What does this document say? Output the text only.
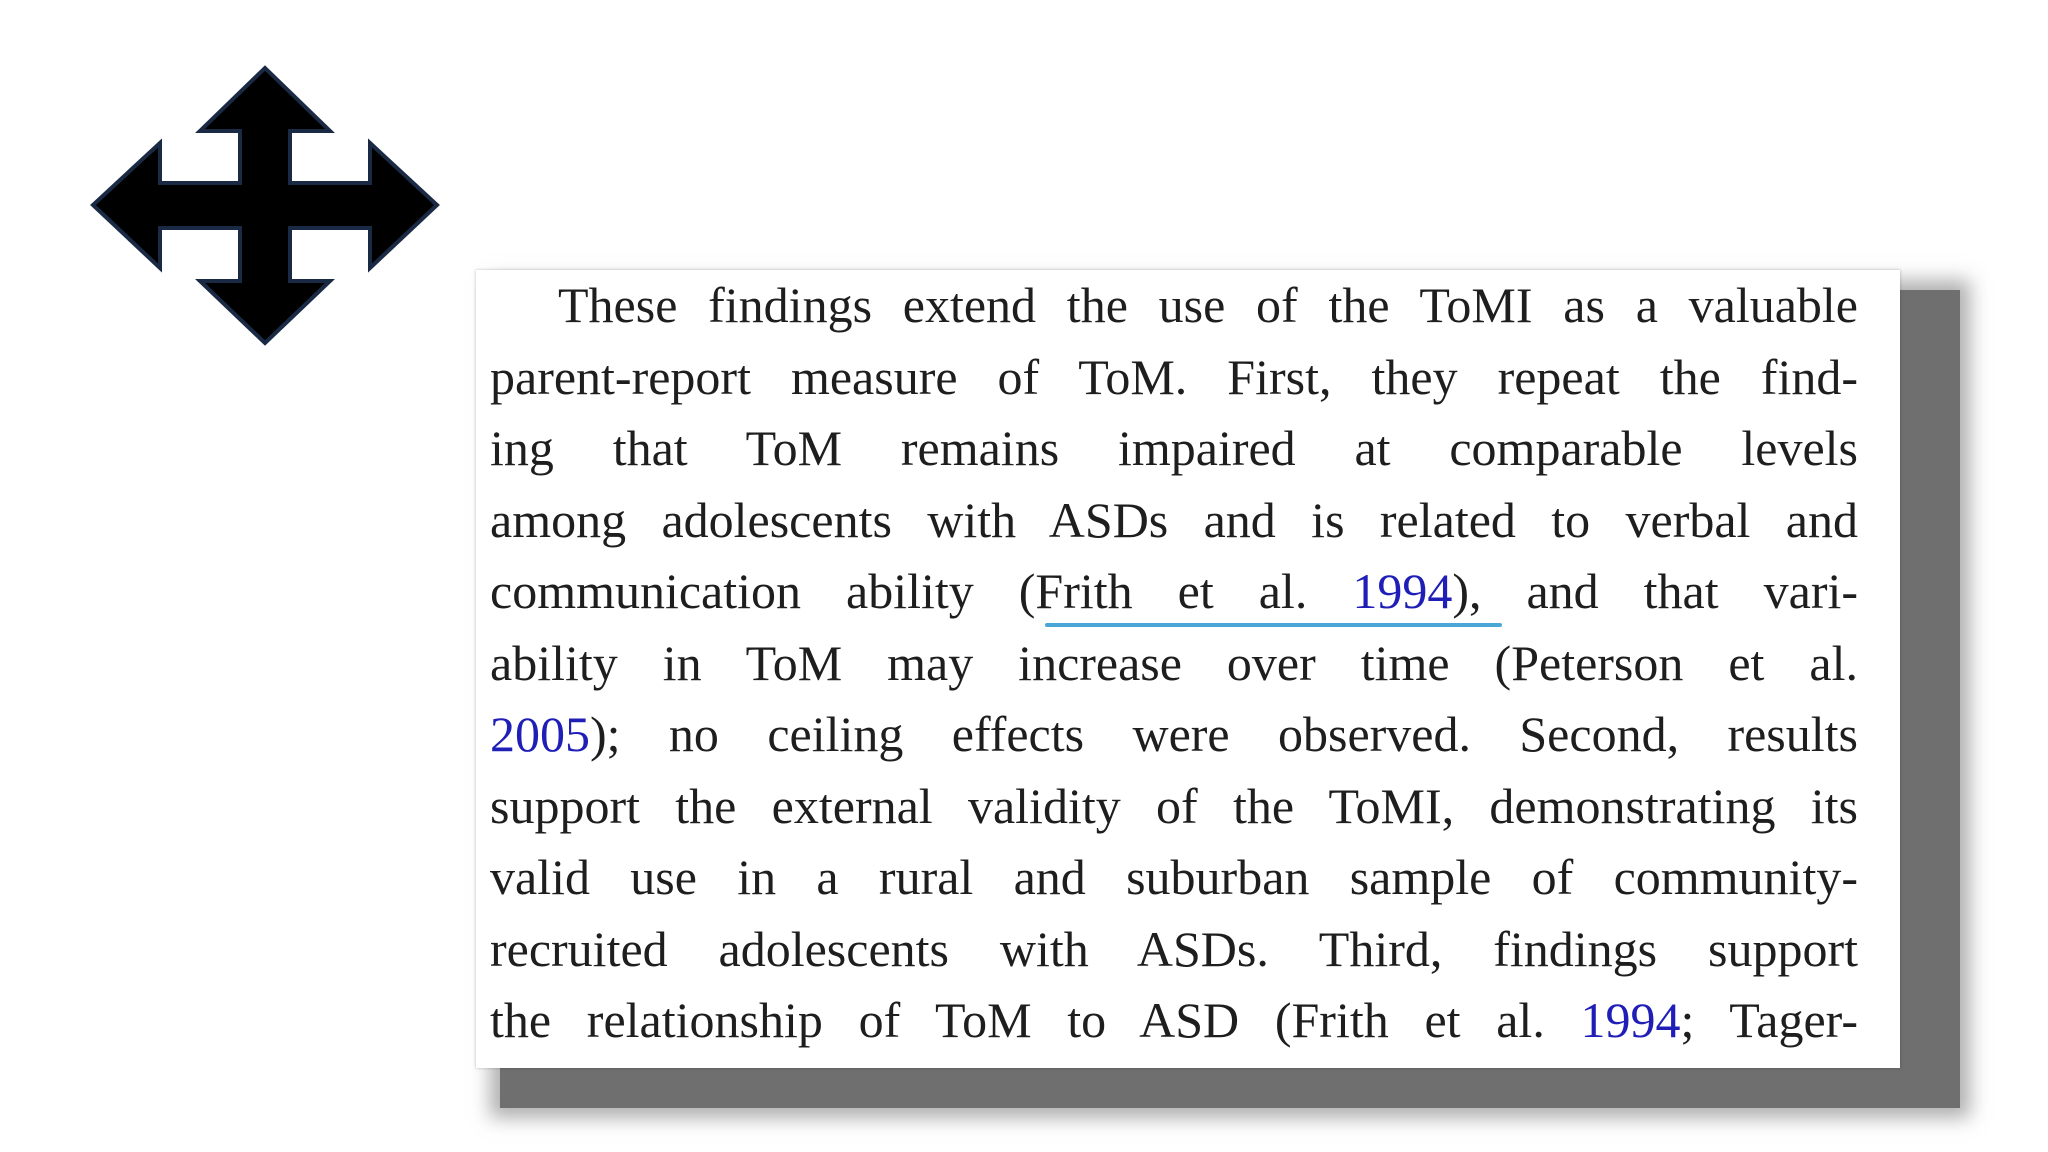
These findings extend the use of the ToMI as a valuable
parent-report measure of ToM. First, they repeat the find-
ing that ToM remains impaired at comparable levels
among adolescents with ASDs and is related to verbal and
communication ability (Frith et al. 1994), and that vari-
ability in ToM may increase over time (Peterson et al.
2005); no ceiling effects were observed. Second, results
support the external validity of the ToMI, demonstrating its
valid use in a rural and suburban sample of community-
recruited adolescents with ASDs. Third, findings support
the relationship of ToM to ASD (Frith et al. 1994; Tager-
